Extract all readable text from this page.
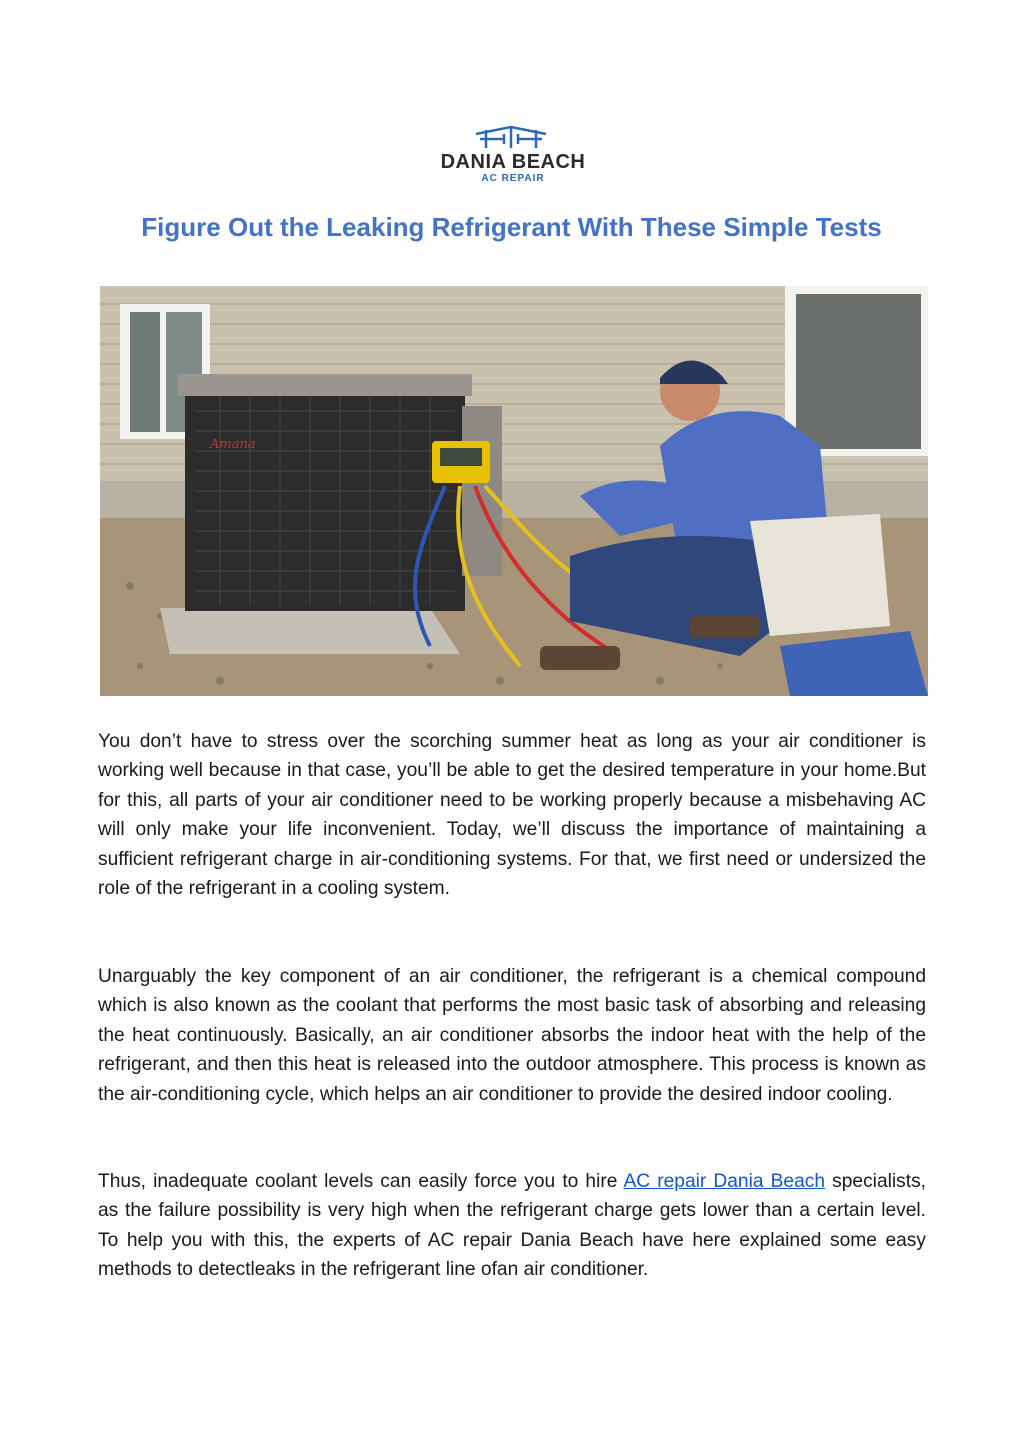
DANIA BEACH
AC REPAIR
Figure Out the Leaking Refrigerant With These Simple Tests
Amana
You don’t have to stress over the scorching summer heat as long as your air conditioner is working well because in that case, you’ll be able to get the desired temperature in your home.But for this, all parts of your air conditioner need to be working properly because a misbehaving AC will only make your life inconvenient. Today, we’ll discuss the importance of maintaining a sufficient refrigerant charge in air-conditioning systems. For that, we first need or undersized the role of the refrigerant in a cooling system.
Unarguably the key component of an air conditioner, the refrigerant is a chemical compound which is also known as the coolant that performs the most basic task of absorbing and releasing the heat continuously. Basically, an air conditioner absorbs the indoor heat with the help of the refrigerant, and then this heat is released into the outdoor atmosphere. This process is known as the air-conditioning cycle, which helps an air conditioner to provide the desired indoor cooling.
Thus, inadequate coolant levels can easily force you to hire AC repair Dania Beach specialists, as the failure possibility is very high when the refrigerant charge gets lower than a certain level. To help you with this, the experts of AC repair Dania Beach have here explained some easy methods to detectleaks in the refrigerant line ofan air conditioner.
